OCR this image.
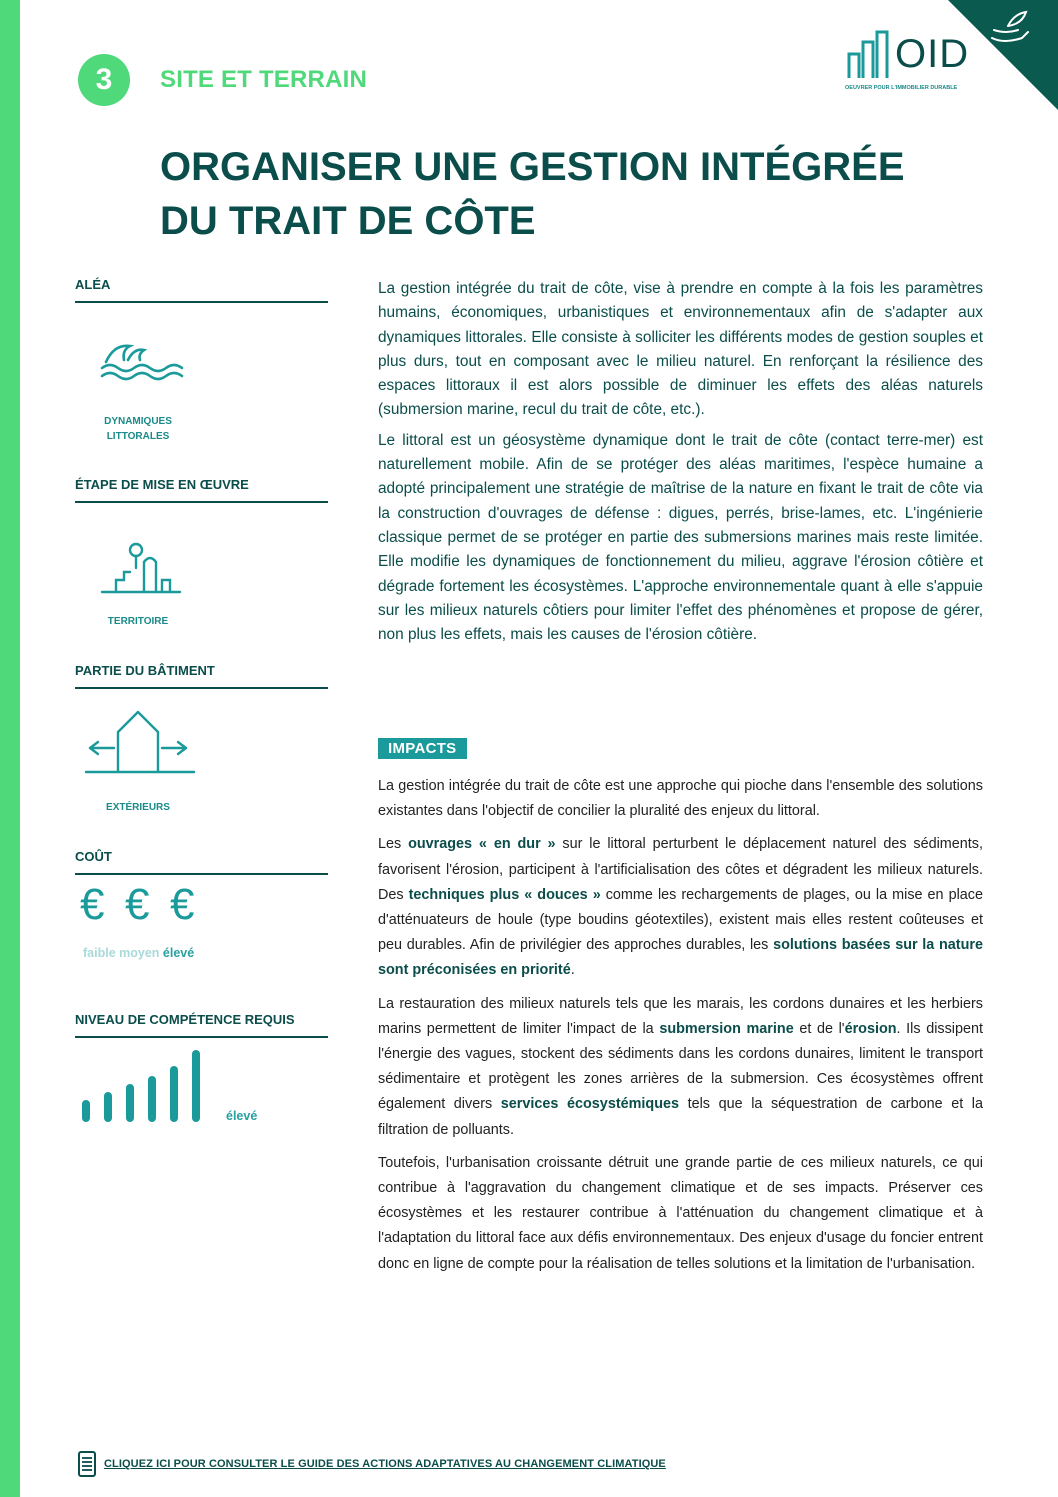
3	SITE ET TERRAIN
OID
OEUVRER POUR L'IMMOBILIER DURABLE
ORGANISER UNE GESTION INTÉGRÉE
DU TRAIT DE CÔTE
ALÉA
DYNAMIQUES
LITTORALES
ÉTAPE DE MISE EN ŒUVRE
TERRITOIRE
PARTIE DU BÂTIMENT
EXTÉRIEURS
COÛT
€ € €
faible moyen élevé
NIVEAU DE COMPÉTENCE REQUIS
élevé

La gestion intégrée du trait de côte, vise à prendre en compte à la fois les paramètres humains, économiques, urbanistiques et environnementaux afin de s'adapter aux dynamiques littorales. Elle consiste à solliciter les différents modes de gestion souples et plus durs, tout en composant avec le milieu naturel. En renforçant la résilience des espaces littoraux il est alors possible de diminuer les effets des aléas naturels (submersion marine, recul du trait de côte, etc.).

Le littoral est un géosystème dynamique dont le trait de côte (contact terre-mer) est naturellement mobile. Afin de se protéger des aléas maritimes, l'espèce humaine a adopté principalement une stratégie de maîtrise de la nature en fixant le trait de côte via la construction d'ouvrages de défense : digues, perrés, brise-lames, etc. L'ingénierie classique permet de se protéger en partie des submersions marines mais reste limitée. Elle modifie les dynamiques de fonctionnement du milieu, aggrave l'érosion côtière et dégrade fortement les écosystèmes. L'approche environnementale quant à elle s'appuie sur les milieux naturels côtiers pour limiter l'effet des phénomènes et propose de gérer, non plus les effets, mais les causes de l'érosion côtière.

IMPACTS

La gestion intégrée du trait de côte est une approche qui pioche dans l'ensemble des solutions existantes dans l'objectif de concilier la pluralité des enjeux du littoral.

Les ouvrages « en dur » sur le littoral perturbent le déplacement naturel des sédiments, favorisent l'érosion, participent à l'artificialisation des côtes et dégradent les milieux naturels. Des techniques plus « douces » comme les rechargements de plages, ou la mise en place d'atténuateurs de houle (type boudins géotextiles), existent mais elles restent coûteuses et peu durables. Afin de privilégier des approches durables, les solutions basées sur la nature sont préconisées en priorité.

La restauration des milieux naturels tels que les marais, les cordons dunaires et les herbiers marins permettent de limiter l'impact de la submersion marine et de l'érosion. Ils dissipent l'énergie des vagues, stockent des sédiments dans les cordons dunaires, limitent le transport sédimentaire et protègent les zones arrières de la submersion. Ces écosystèmes offrent également divers services écosystémiques tels que la séquestration de carbone et la filtration de polluants.

Toutefois, l'urbanisation croissante détruit une grande partie de ces milieux naturels, ce qui contribue à l'aggravation du changement climatique et de ses impacts. Préserver ces écosystèmes et les restaurer contribue à l'atténuation du changement climatique et à l'adaptation du littoral face aux défis environnementaux. Des enjeux d'usage du foncier entrent donc en ligne de compte pour la réalisation de telles solutions et la limitation de l'urbanisation.

CLIQUEZ ICI POUR CONSULTER LE GUIDE DES ACTIONS ADAPTATIVES AU CHANGEMENT CLIMATIQUE
